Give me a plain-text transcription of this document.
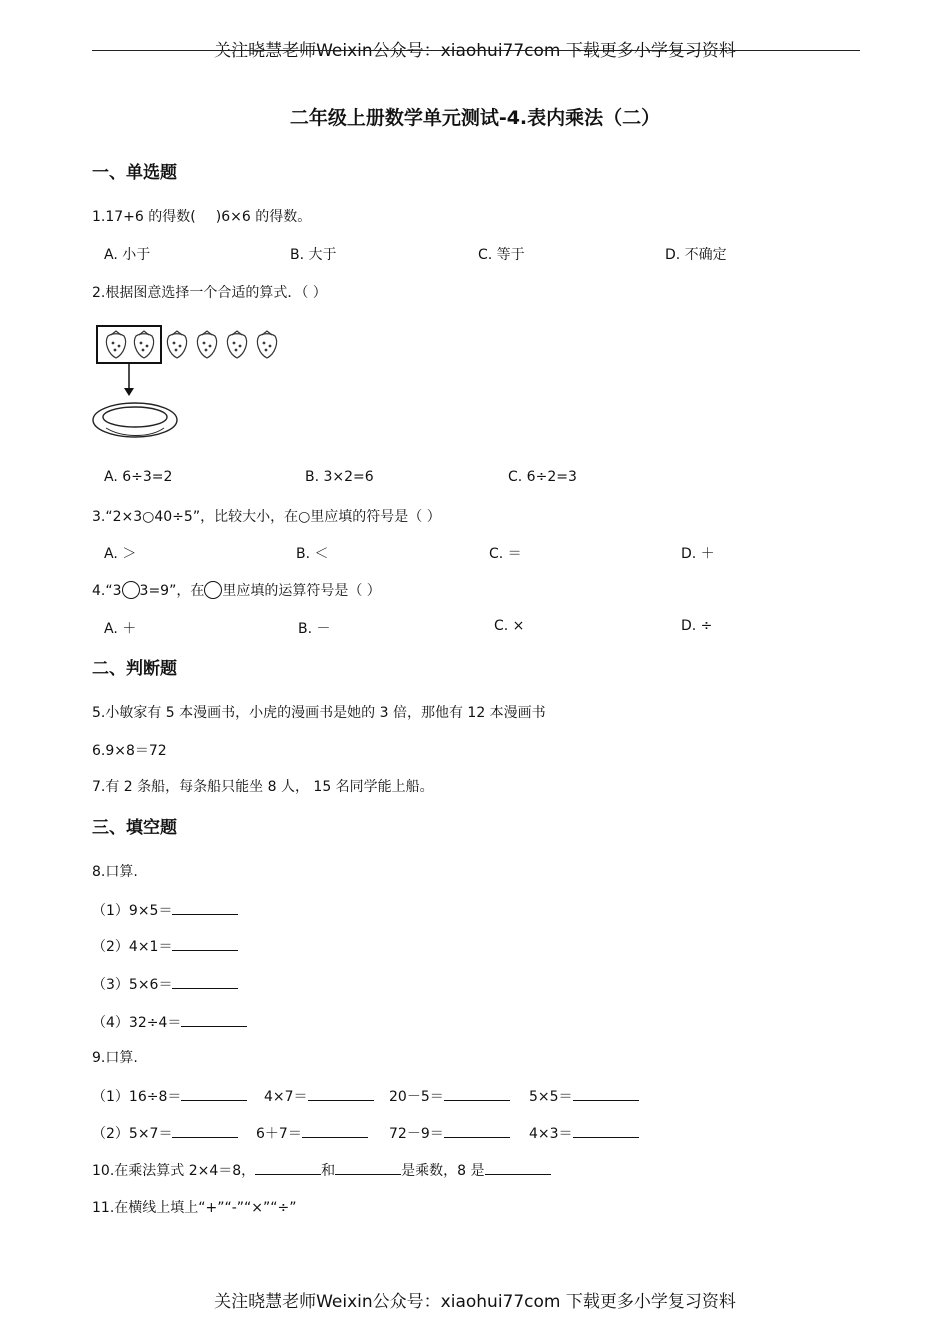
关注晓慧老师Weixin公众号：xiaohui77com 下载更多小学复习资料
二年级上册数学单元测试-4.表内乘法（二）
一、单选题
1.17+6 的得数( )6×6 的得数。
A. 小于	B. 大于	C. 等于	D. 不确定
2.根据图意选择一个合适的算式．（ ）
A. 6÷3=2	B. 3×2=6	C. 6÷2=3
3.“2×3○40÷5”，比较大小，在○里应填的符号是（ ）
A. ＞	B. ＜	C. ＝	D. ＋
4.“3 3=9”，在 里应填的运算符号是（ ）
A. ＋	B. －	C. ×	D. ÷
二、判断题
5.小敏家有 5 本漫画书，小虎的漫画书是她的 3 倍，那他有 12 本漫画书
6.9×8＝72
7.有 2 条船，每条船只能坐 8 人， 15 名同学能上船。
三、填空题
8.口算.
（1）9×5＝
（2）4×1＝
（3）5×6＝
（4）32÷4＝
9.口算.
（1）16÷8＝	4×7＝	20－5＝	5×5＝
（2）5×7＝	6＋7＝	72－9＝	4×3＝
10.在乘法算式 2×4＝8，	和	是乘数，8 是
11.在横线上填上“+”“-”“×”“÷”
关注晓慧老师Weixin公众号：xiaohui77com 下载更多小学复习资料
